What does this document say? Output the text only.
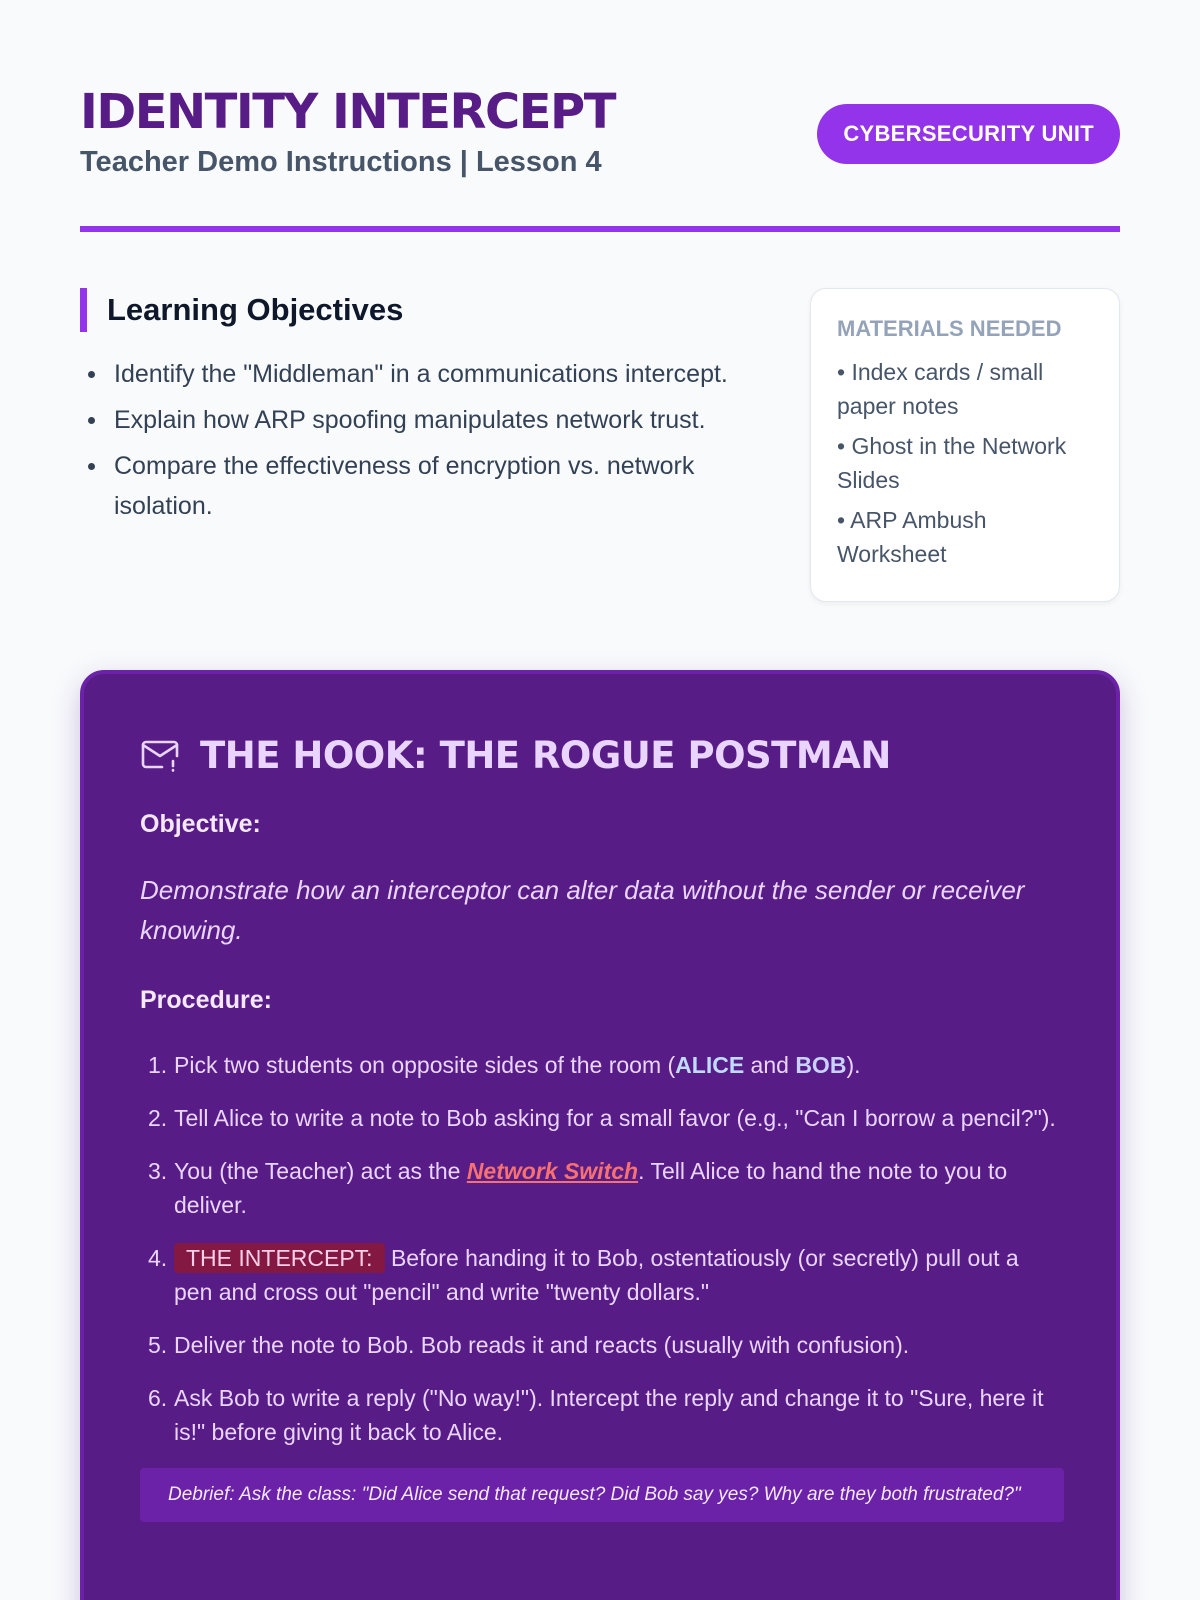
IDENTITY INTERCEPT
Teacher Demo Instructions | Lesson 4
CYBERSECURITY UNIT
Learning Objectives
Identify the "Middleman" in a communications intercept.
Explain how ARP spoofing manipulates network trust.
Compare the effectiveness of encryption vs. network isolation.
MATERIALS NEEDED
• Index cards / small paper notes
• Ghost in the Network Slides
• ARP Ambush Worksheet
THE HOOK: THE ROGUE POSTMAN
Objective:

Demonstrate how an interceptor can alter data without the sender or receiver knowing.

Procedure:
1. Pick two students on opposite sides of the room (ALICE and BOB).
2. Tell Alice to write a note to Bob asking for a small favor (e.g., "Can I borrow a pencil?").
3. You (the Teacher) act as the Network Switch. Tell Alice to hand the note to you to deliver.
4. THE INTERCEPT: Before handing it to Bob, ostentatiously (or secretly) pull out a pen and cross out "pencil" and write "twenty dollars."
5. Deliver the note to Bob. Bob reads it and reacts (usually with confusion).
6. Ask Bob to write a reply ("No way!"). Intercept the reply and change it to "Sure, here it is!" before giving it back to Alice.
Debrief: Ask the class: "Did Alice send that request? Did Bob say yes? Why are they both frustrated?"
